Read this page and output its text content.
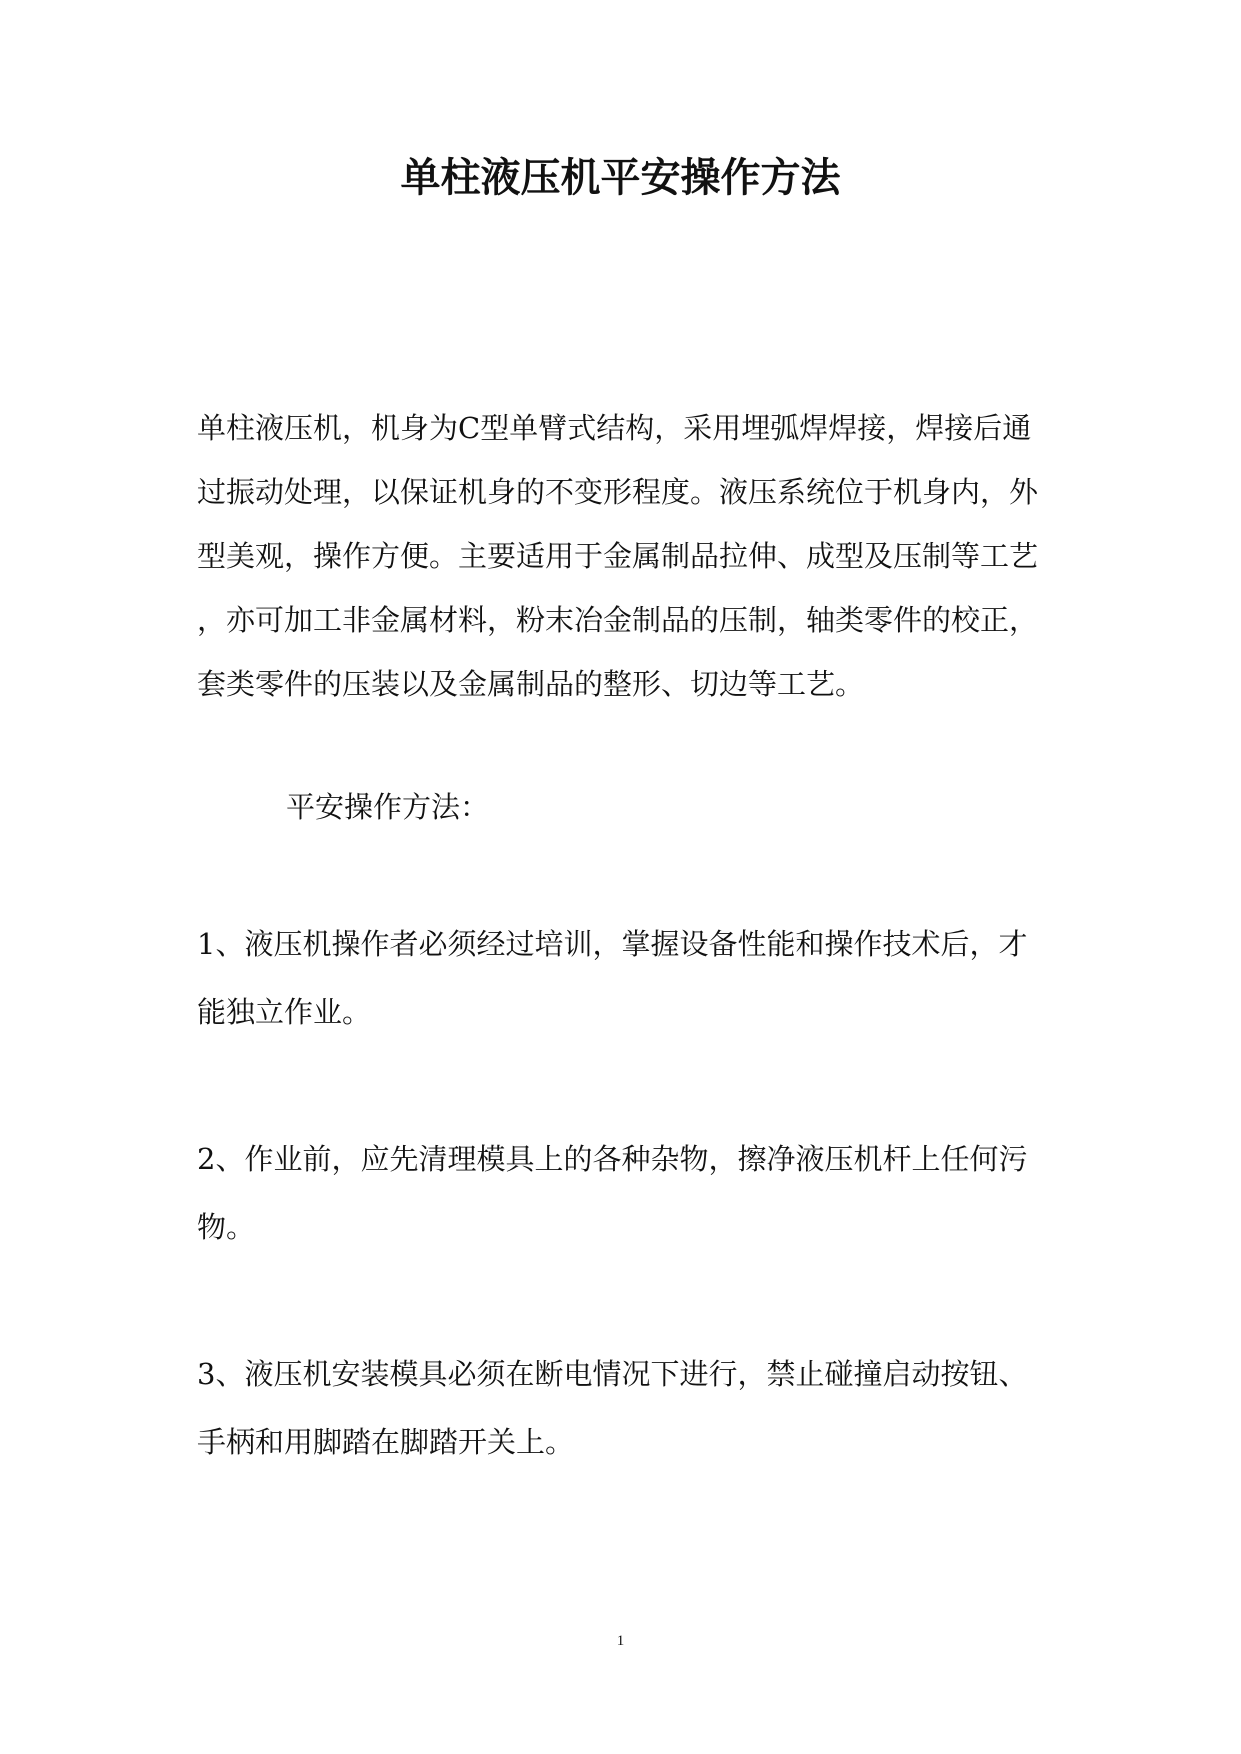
单柱液压机平安操作方法
单柱液压机，机身为C型单臂式结构，采用埋弧焊焊接，焊接后通
过振动处理，以保证机身的不变形程度。液压系统位于机身内，外
型美观，操作方便。主要适用于金属制品拉伸、成型及压制等工艺
，亦可加工非金属材料，粉末冶金制品的压制，轴类零件的校正，
套类零件的压装以及金属制品的整形、切边等工艺。

平安操作方法：

1、液压机操作者必须经过培训，掌握设备性能和操作技术后，才
能独立作业。
2、作业前，应先清理模具上的各种杂物，擦净液压机杆上任何污
物。
3、液压机安装模具必须在断电情况下进行，禁止碰撞启动按钮、
手柄和用脚踏在脚踏开关上。

1
